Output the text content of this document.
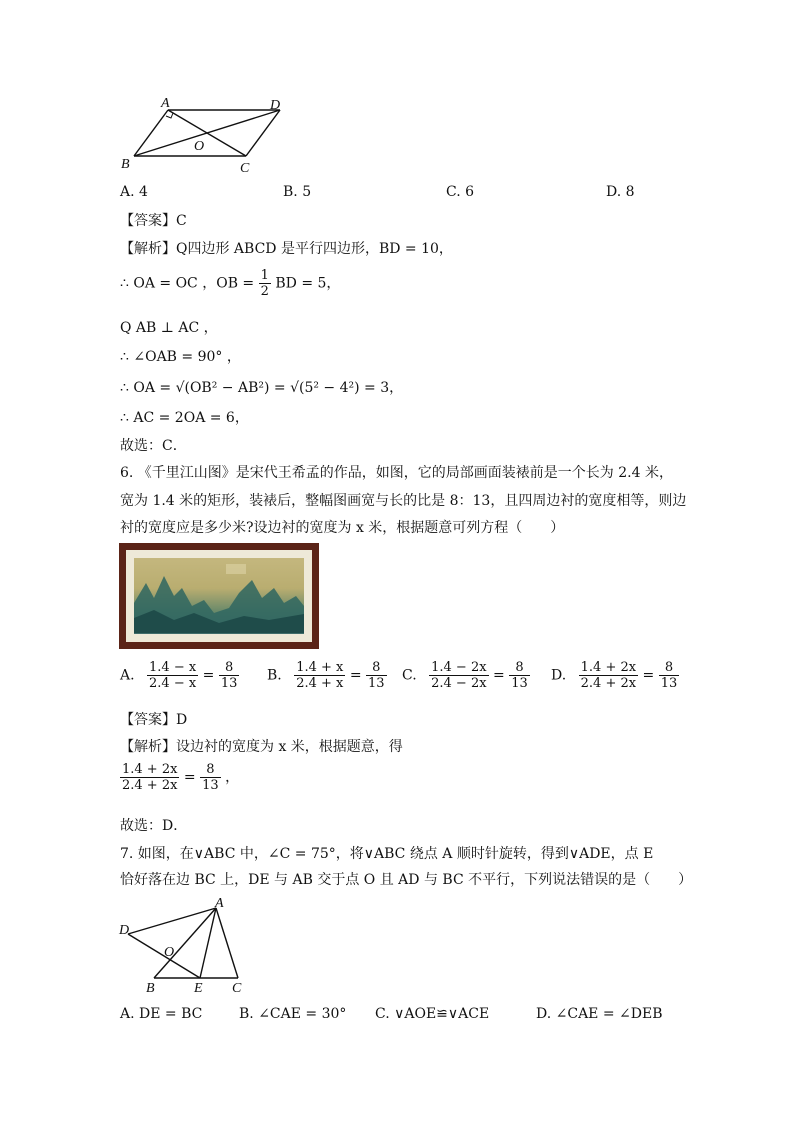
A	D
O
B	C
A. 4	B. 5	C. 6	D. 8
【答案】C
【解析】Q四边形 ABCD 是平行四边形，BD = 10，
∴ OA = OC ，OB = $\frac{1}{2}$ BD = 5，
Q AB ⊥ AC ，
∴ ∠OAB = 90° ，
∴ OA = √(OB² − AB²) = √(5² − 4²) = 3，
∴ AC = 2OA = 6，
故选：C．
6. 《千里江山图》是宋代王希孟的作品，如图，它的局部画面装裱前是一个长为 2.4 米，
宽为 1.4 米的矩形，装裱后，整幅图画宽与长的比是 8：13，且四周边衬的宽度相等，则边
衬的宽度应是多少米?设边衬的宽度为 x 米，根据题意可列方程（　　）
A. $\frac{1.4 - x}{2.4 - x} = \frac{8}{13} B$. $\frac{1.4 + x}{2.4 + x} = \frac{8}{13} C$. $\frac{1.4 - 2x}{2.4 - 2x} = \frac{8}{13} D$. $\frac{1.4 + 2x}{2.4 + 2x} = \frac{8}{13}$
【答案】D
【解析】设边衬的宽度为 x 米，根据题意，得
$\frac{1.4 + 2x}{2.4 + 2x} = \frac{8}{13}$ ，
故选：D．
7. 如图，在∨ABC 中，∠C = 75°，将∨ABC 绕点 A 顺时针旋转，得到∨ADE，点 E
恰好落在边 BC 上，DE 与 AB 交于点 O 且 AD 与 BC 不平行，下列说法错误的是（　　）
A
D
O
B	E C
A. DE = BC	B. ∠CAE = 30° C. ∨AOE≌∨ACE	D. ∠CAE = ∠DEB
